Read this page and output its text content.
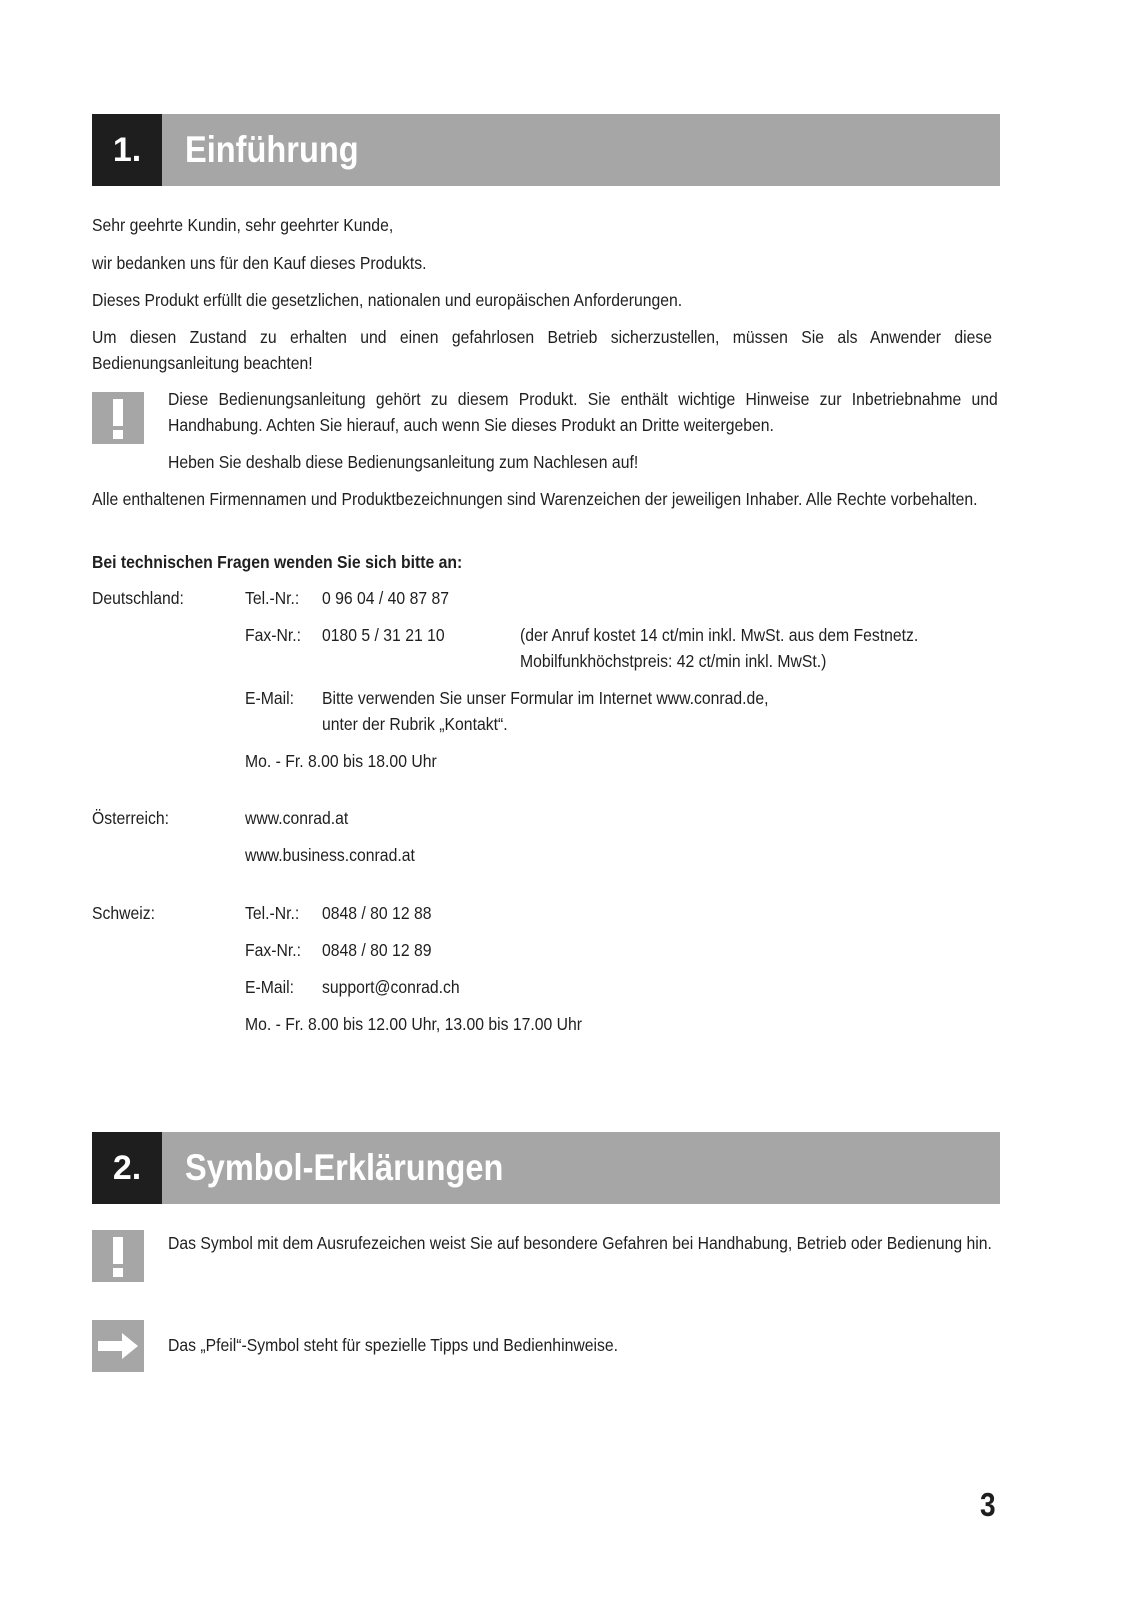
1.	Einführung
Sehr geehrte Kundin, sehr geehrter Kunde,
wir bedanken uns für den Kauf dieses Produkts.
Dieses Produkt erfüllt die gesetzlichen, nationalen und europäischen Anforderungen.
Um diesen Zustand zu erhalten und einen gefahrlosen Betrieb sicherzustellen, müssen Sie als Anwender diese Bedienungsanleitung beachten!
Diese Bedienungsanleitung gehört zu diesem Produkt. Sie enthält wichtige Hinweise zur Inbetriebnahme und Handhabung. Achten Sie hierauf, auch wenn Sie dieses Produkt an Dritte weitergeben.
Heben Sie deshalb diese Bedienungsanleitung zum Nachlesen auf!
Alle enthaltenen Firmennamen und Produktbezeichnungen sind Warenzeichen der jeweiligen Inhaber. Alle Rechte vorbehalten.
Bei technischen Fragen wenden Sie sich bitte an:
Deutschland:	Tel.-Nr.: 0 96 04 / 40 87 87
Fax-Nr.: 0180 5 / 31 21 10	(der Anruf kostet 14 ct/min inkl. MwSt. aus dem Festnetz.
Mobilfunkhöchstpreis: 42 ct/min inkl. MwSt.)
E-Mail: Bitte verwenden Sie unser Formular im Internet www.conrad.de,
unter der Rubrik „Kontakt“.
Mo. - Fr. 8.00 bis 18.00 Uhr
Österreich:	www.conrad.at
www.business.conrad.at
Schweiz:	Tel.-Nr.: 0848 / 80 12 88
Fax-Nr.: 0848 / 80 12 89
E-Mail: support@conrad.ch
Mo. - Fr. 8.00 bis 12.00 Uhr, 13.00 bis 17.00 Uhr
2.	Symbol-Erklärungen
Das Symbol mit dem Ausrufezeichen weist Sie auf besondere Gefahren bei Handhabung, Betrieb oder Bedienung hin.
Das „Pfeil“-Symbol steht für spezielle Tipps und Bedienhinweise.
3
